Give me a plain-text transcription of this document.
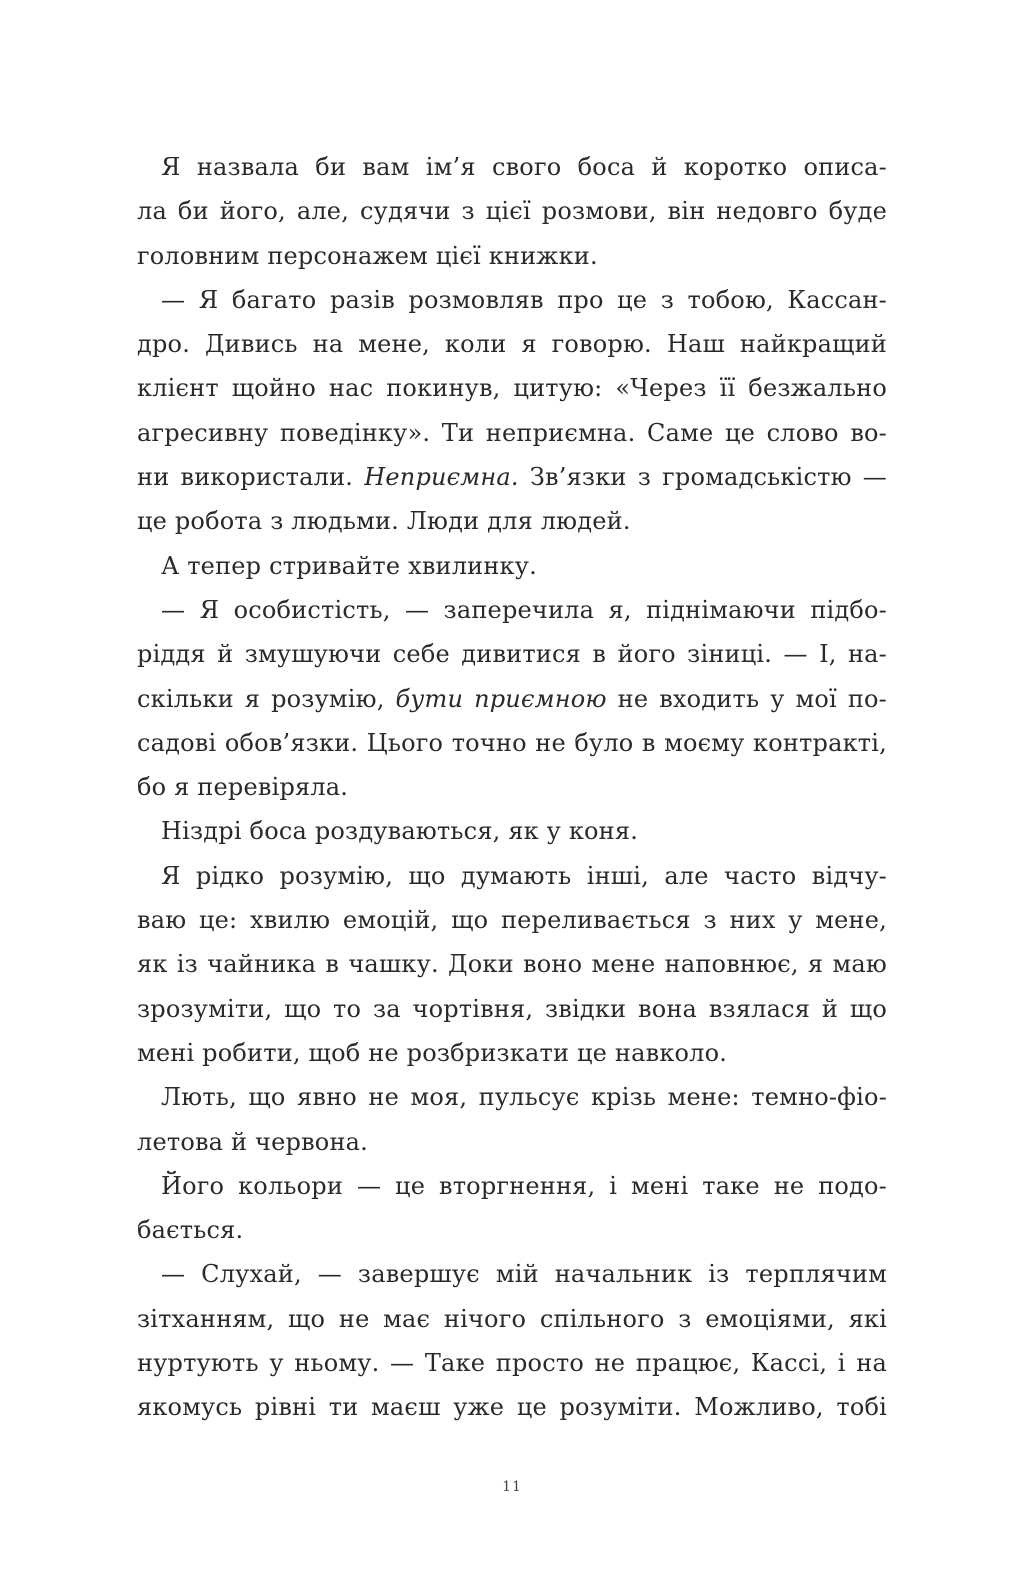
Я назвала би вам ім’я свого боса й коротко описа-
ла би його, але, судячи з цієї розмови, він недовго буде
головним персонажем цієї книжки.
— Я багато разів розмовляв про це з тобою, Кассан-
дро. Дивись на мене, коли я говорю. Наш найкращий
клієнт щойно нас покинув, цитую: «Через її безжально
агресивну поведінку». Ти неприємна. Саме це слово во-
ни використали. Неприємна. Зв’язки з громадськістю —
це робота з людьми. Люди для людей.
А тепер стривайте хвилинку.
— Я особистість, — заперечила я, піднімаючи підбо-
ріддя й змушуючи себе дивитися в його зіниці. — І, на-
скільки я розумію, бути приємною не входить у мої по-
садові обов’язки. Цього точно не було в моєму контракті,
бо я перевіряла.
Ніздрі боса роздуваються, як у коня.
Я рідко розумію, що думають інші, але часто відчу-
ваю це: хвилю емоцій, що переливається з них у мене,
як із чайника в чашку. Доки воно мене наповнює, я маю
зрозуміти, що то за чортівня, звідки вона взялася й що
мені робити, щоб не розбризкати це навколо.
Лють, що явно не моя, пульсує крізь мене: темно-фіо-
летова й червона.
Його кольори — це вторгнення, і мені таке не подо-
бається.
— Слухай, — завершує мій начальник із терплячим
зітханням, що не має нічого спільного з емоціями, які
нуртують у ньому. — Таке просто не працює, Кассі, і на
якомусь рівні ти маєш уже це розуміти. Можливо, тобі
11
